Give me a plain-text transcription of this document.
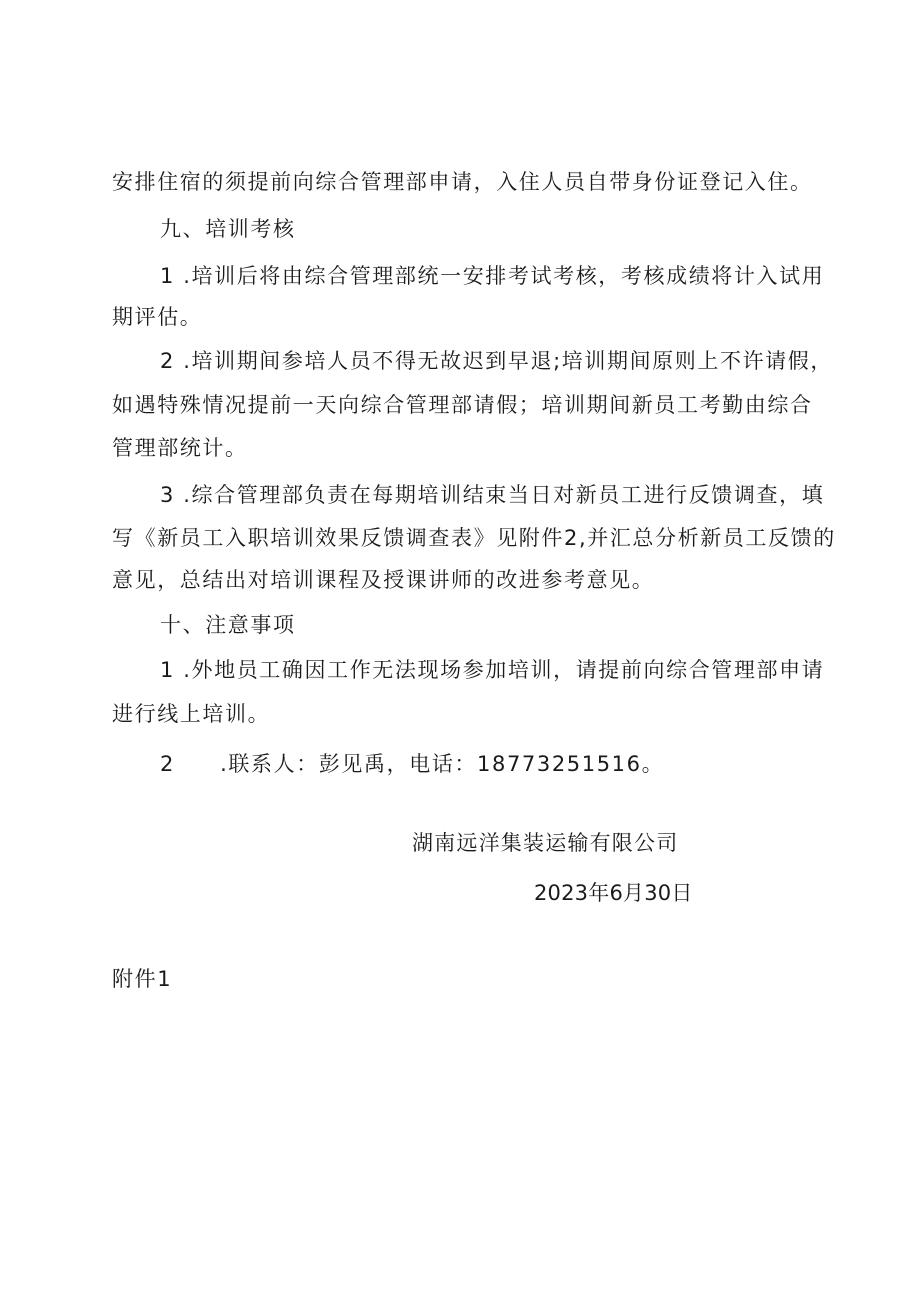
安排住宿的须提前向综合管理部申请，入住人员自带身份证登记入住。
九、培训考核
1 .培训后将由综合管理部统一安排考试考核，考核成绩将计入试用
期评估。
2 .培训期间参培人员不得无故迟到早退;培训期间原则上不许请假，
如遇特殊情况提前一天向综合管理部请假；培训期间新员工考勤由综合
管理部统计。
3 .综合管理部负责在每期培训结束当日对新员工进行反馈调查，填
写《新员工入职培训效果反馈调查表》见附件2,并汇总分析新员工反馈的
意见，总结出对培训课程及授课讲师的改进参考意见。
十、注意事项
1 .外地员工确因工作无法现场参加培训，请提前向综合管理部申请
进行线上培训。
2　　.联系人：彭见禹，电话：18773251516。
湖南远洋集装运输有限公司
2023年6月30日
附件1
